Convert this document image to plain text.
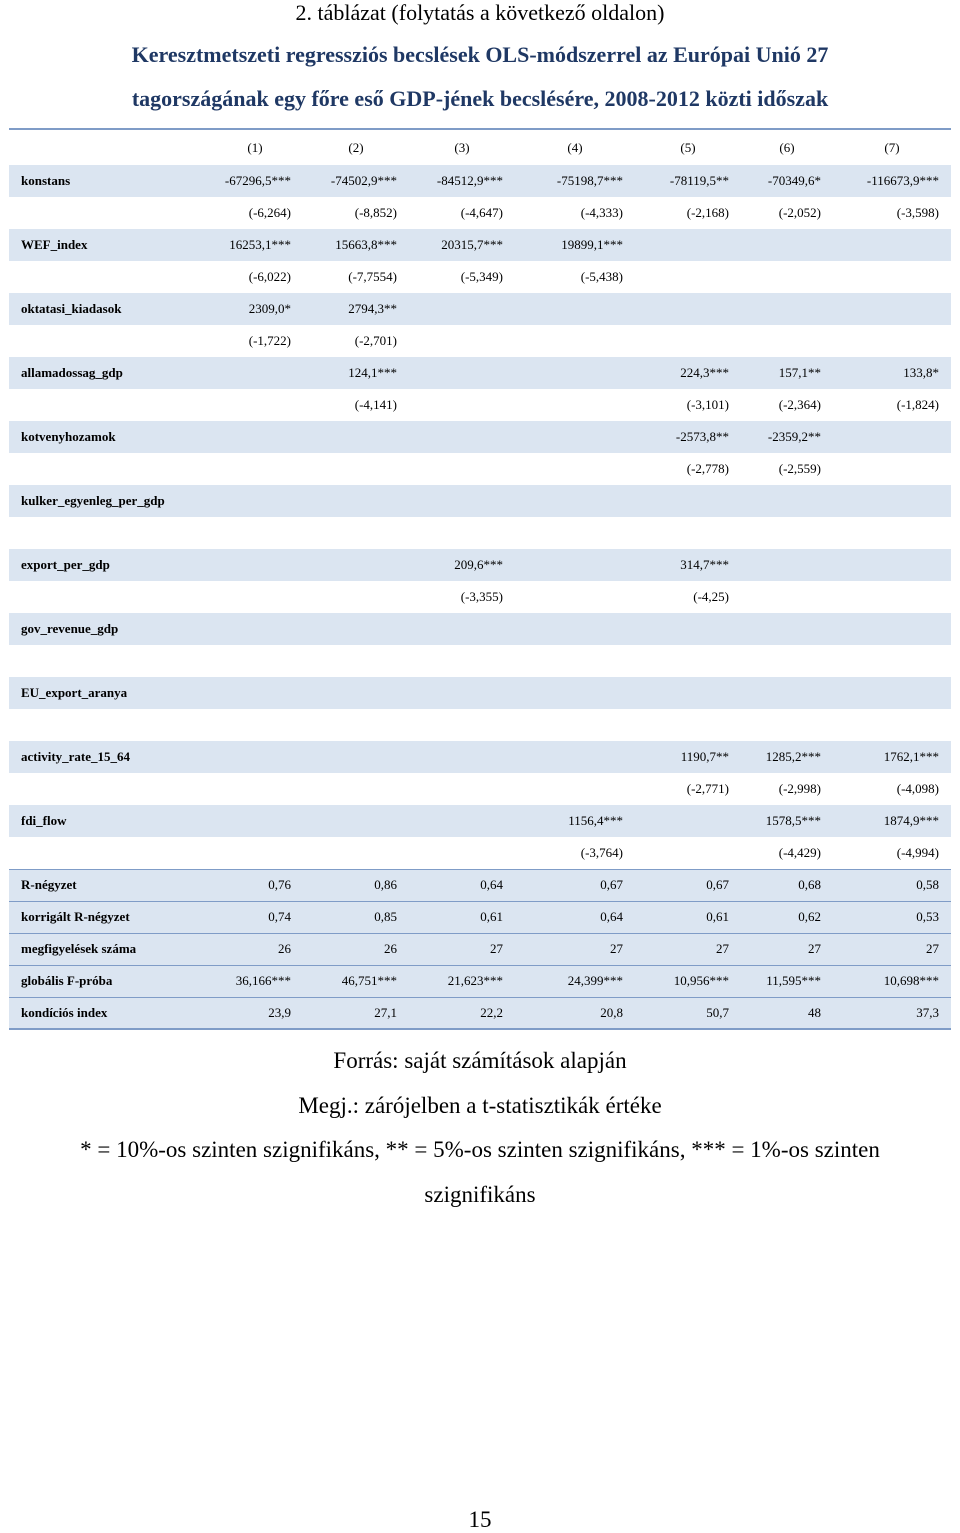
2. táblázat (folytatás a következő oldalon)
Keresztmetszeti regressziós becslések OLS-módszerrel az Európai Unió 27
tagországának egy főre eső GDP-jének becslésére, 2008-2012 közti időszak
	(1)	(2)	(3)	(4)	(5)	(6)	(7)
konstans	-67296,5***	-74502,9***	-84512,9***	-75198,7***	-78119,5**	-70349,6*	-116673,9***
	(-6,264)	(-8,852)	(-4,647)	(-4,333)	(-2,168)	(-2,052)	(-3,598)
WEF_index	16253,1***	15663,8***	20315,7***	19899,1***			
	(-6,022)	(-7,7554)	(-5,349)	(-5,438)			
oktatasi_kiadasok	2309,0*	2794,3**					
	(-1,722)	(-2,701)					
allamadossag_gdp		124,1***			224,3***	157,1**	133,8*
		(-4,141)			(-3,101)	(-2,364)	(-1,824)
kotvenyhozamok					-2573,8**	-2359,2**	
					(-2,778)	(-2,559)	
kulker_egyenleg_per_gdp							

export_per_gdp			209,6***		314,7***		
			(-3,355)		(-4,25)		
gov_revenue_gdp							

EU_export_aranya							

activity_rate_15_64					1190,7**	1285,2***	1762,1***
					(-2,771)	(-2,998)	(-4,098)
fdi_flow				1156,4***		1578,5***	1874,9***
				(-3,764)		(-4,429)	(-4,994)
R-négyzet	0,76	0,86	0,64	0,67	0,67	0,68	0,58
korrigált R-négyzet	0,74	0,85	0,61	0,64	0,61	0,62	0,53
megfigyelések száma	26	26	27	27	27	27	27
globális F-próba	36,166***	46,751***	21,623***	24,399***	10,956***	11,595***	10,698***
kondíciós index	23,9	27,1	22,2	20,8	50,7	48	37,3
Forrás: saját számítások alapján
Megj.: zárójelben a t-statisztikák értéke
* = 10%-os szinten szignifikáns, ** = 5%-os szinten szignifikáns, *** = 1%-os szinten
szignifikáns
15
